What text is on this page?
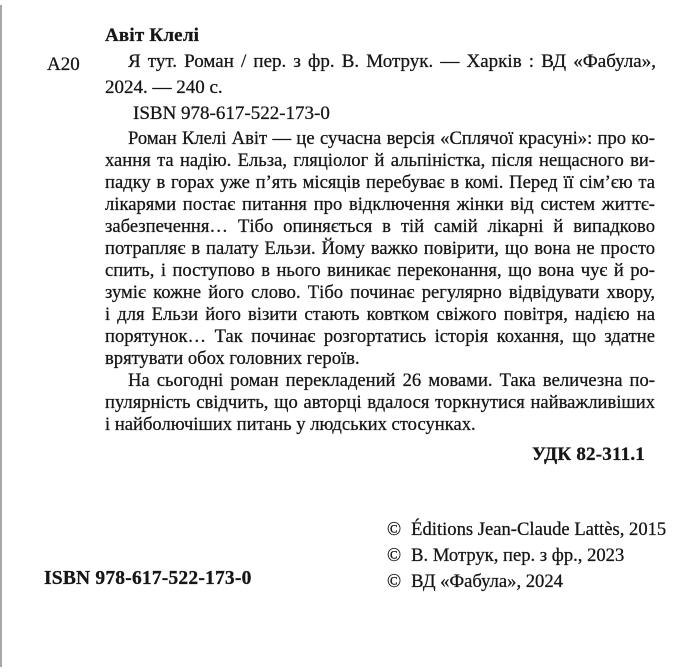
А20
Авіт Клелі
Я тут. Роман / пер. з фр. В. Мотрук. — Харків : ВД «Фабула»,
2024. — 240 с.
ISBN 978-617-522-173-0
Роман Клелі Авіт — це сучасна версія «Сплячої красуні»: про ко-
хання та надію. Ельза, гляціолог й альпіністка, після нещасного ви-
падку в горах уже п’ять місяців перебуває в комі. Перед її сім’єю та
лікарями постає питання про відключення жінки від систем життє-
забезпечення… Тібо опиняється в тій самій лікарні й випадково
потрапляє в палату Ельзи. Йому важко повірити, що вона не просто
спить, і поступово в нього виникає переконання, що вона чує й ро-
зуміє кожне його слово. Тібо починає регулярно відвідувати хвору,
і для Ельзи його візити стають ковтком свіжого повітря, надією на
порятунок… Так починає розгортатись історія кохання, що здатне
врятувати обох головних героїв.
На сьогодні роман перекладений 26 мовами. Така величезна по-
пулярність свідчить, що авторці вдалося торкнутися найважливіших
і найболючіших питань у людських стосунках.
УДК 82-311.1
© Éditions Jean-Claude Lattès, 2015
© В. Мотрук, пер. з фр., 2023
© ВД «Фабула», 2024
ISBN 978-617-522-173-0
